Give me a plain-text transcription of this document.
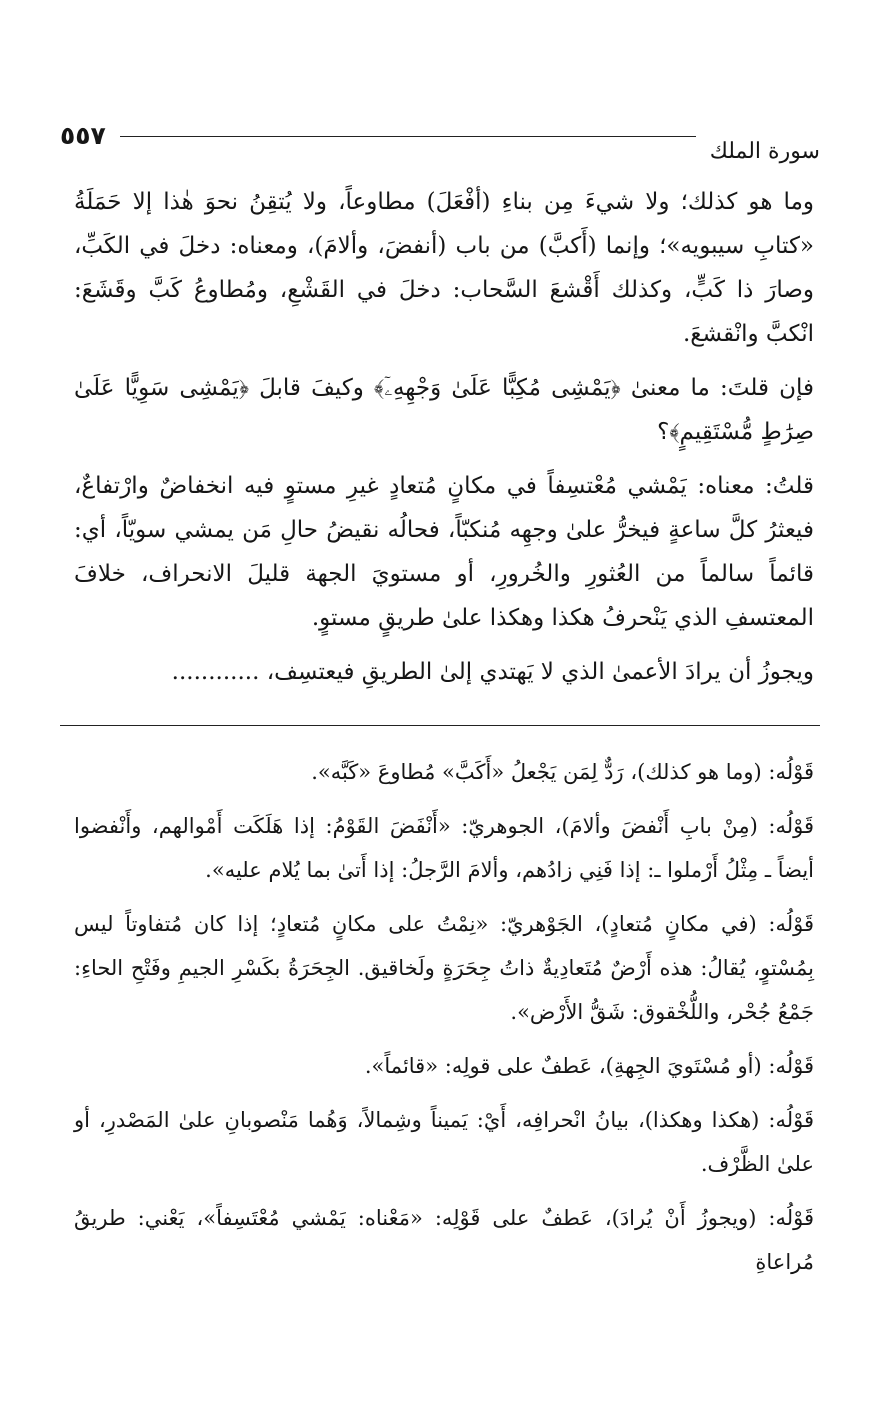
٥٥٧
سورة الملك

وما هو كذلك؛ ولا شيءَ مِن بناءِ (أفْعَلَ) مطاوعاً، ولا يُتقِنُ نحوَ هٰذا إلا حَمَلَةُ «كتابِ سيبويه»؛ وإنما (أَكبَّ) من باب (أنفضَ، وألامَ)، ومعناه: دخلَ في الكَبِّ، وصارَ ذا كَبٍّ، وكذلك أَقْشعَ السَّحاب: دخلَ في القَشْعِ، ومُطاوعُ كَبَّ وقَشَعَ: انْكبَّ وانْقشعَ.

فإن قلتَ: ما معنىٰ ﴿يَمْشِى مُكِبًّا عَلَىٰ وَجْهِهِۦٓ﴾ وكيفَ قابلَ ﴿يَمْشِى سَوِيًّا عَلَىٰ صِرَٰطٍ مُّسْتَقِيمٍ﴾؟

قلتُ: معناه: يَمْشي مُعْتسِفاً في مكانٍ مُتعادٍ غيرِ مستوٍ فيه انخفاضٌ وارْتفاعٌ، فيعثرُ كلَّ ساعةٍ فيخرُّ علىٰ وجهِه مُنكبّاً، فحالُه نقيضُ حالِ مَن يمشي سويّاً، أي: قائماً سالماً من العُثورِ والخُرورِ، أو مستويَ الجهة قليلَ الانحراف، خلافَ المعتسفِ الذي يَنْحرفُ هكذا وهكذا علىٰ طريقٍ مستوٍ.

ويجوزُ أن يرادَ الأعمىٰ الذي لا يَهتدي إلىٰ الطريقِ فيعتسِف، ............

قَوْلُه: (وما هو كذلك)، رَدٌّ لِمَن يَجْعلُ «أَكَبَّ» مُطاوعَ «كَبَّه».

قَوْلُه: (مِنْ بابِ أَنْفضَ وألامَ)، الجوهريّ: «أَنْفَضَ القَوْمُ: إذا هَلَكَت أَمْوالهم، وأَنْفضوا أيضاً ـ مِثْلُ أَرْملوا ـ: إذا فَنِي زادُهم، وألامَ الرَّجلُ: إذا أَتىٰ بما يُلام عليه».

قَوْلُه: (في مكانٍ مُتعادٍ)، الجَوْهريّ: «نِمْتُ على مكانٍ مُتعادٍ؛ إذا كان مُتفاوتاً ليس بِمُسْتوٍ، يُقالُ: هذه أَرْضٌ مُتَعادِيةٌ ذاتُ جِحَرَةٍ ولَخاقيق. الجِحَرَةُ بكَسْرِ الجيمِ وفَتْحِ الحاءِ: جَمْعُ جُحْر، واللُّخْقوق: شَقُّ الأَرْض».

قَوْلُه: (أو مُسْتَويَ الجِهةِ)، عَطفٌ على قولِه: «قائماً».

قَوْلُه: (هكذا وهكذا)، بيانُ انْحرافِه، أَيْ: يَميناً وشِمالاً، وَهُما مَنْصوبانِ علىٰ المَصْدرِ، أو علىٰ الظَّرْف.

قَوْلُه: (ويجوزُ أَنْ يُرادَ)، عَطفٌ على قَوْلِه: «مَعْناه: يَمْشي مُعْتَسِفاً»، يَعْني: طريقُ مُراعاةِ
